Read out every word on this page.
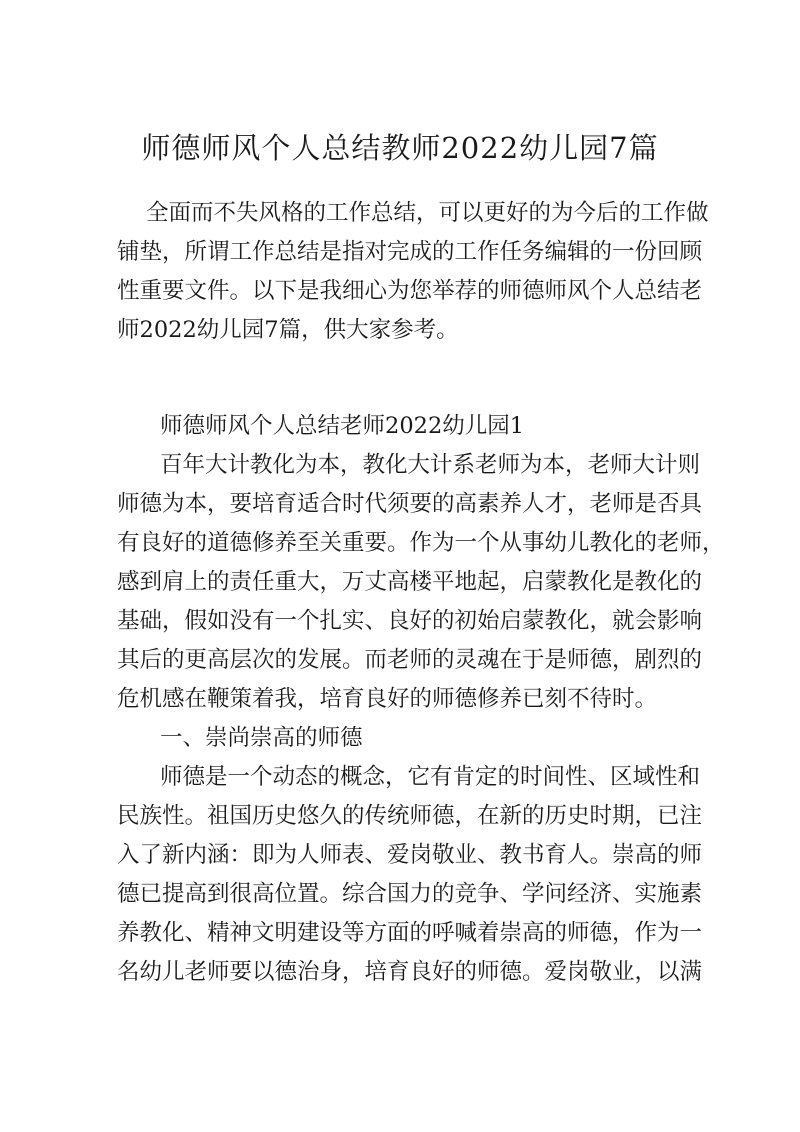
师德师风个人总结教师2022幼儿园7篇
全面而不失风格的工作总结，可以更好的为今后的工作做
铺垫，所谓工作总结是指对完成的工作任务编辑的一份回顾
性重要文件。以下是我细心为您举荐的师德师风个人总结老
师2022幼儿园7篇，供大家参考。
师德师风个人总结老师2022幼儿园1
百年大计教化为本，教化大计系老师为本，老师大计则
师德为本，要培育适合时代须要的高素养人才，老师是否具
有良好的道德修养至关重要。作为一个从事幼儿教化的老师，
感到肩上的责任重大，万丈高楼平地起，启蒙教化是教化的
基础，假如没有一个扎实、良好的初始启蒙教化，就会影响
其后的更高层次的发展。而老师的灵魂在于是师德，剧烈的
危机感在鞭策着我，培育良好的师德修养已刻不待时。
一、崇尚崇高的师德
师德是一个动态的概念，它有肯定的时间性、区域性和
民族性。祖国历史悠久的传统师德，在新的历史时期，已注
入了新内涵：即为人师表、爱岗敬业、教书育人。崇高的师
德已提高到很高位置。综合国力的竞争、学问经济、实施素
养教化、精神文明建设等方面的呼喊着崇高的师德，作为一
名幼儿老师要以德治身，培育良好的师德。爱岗敬业，以满
